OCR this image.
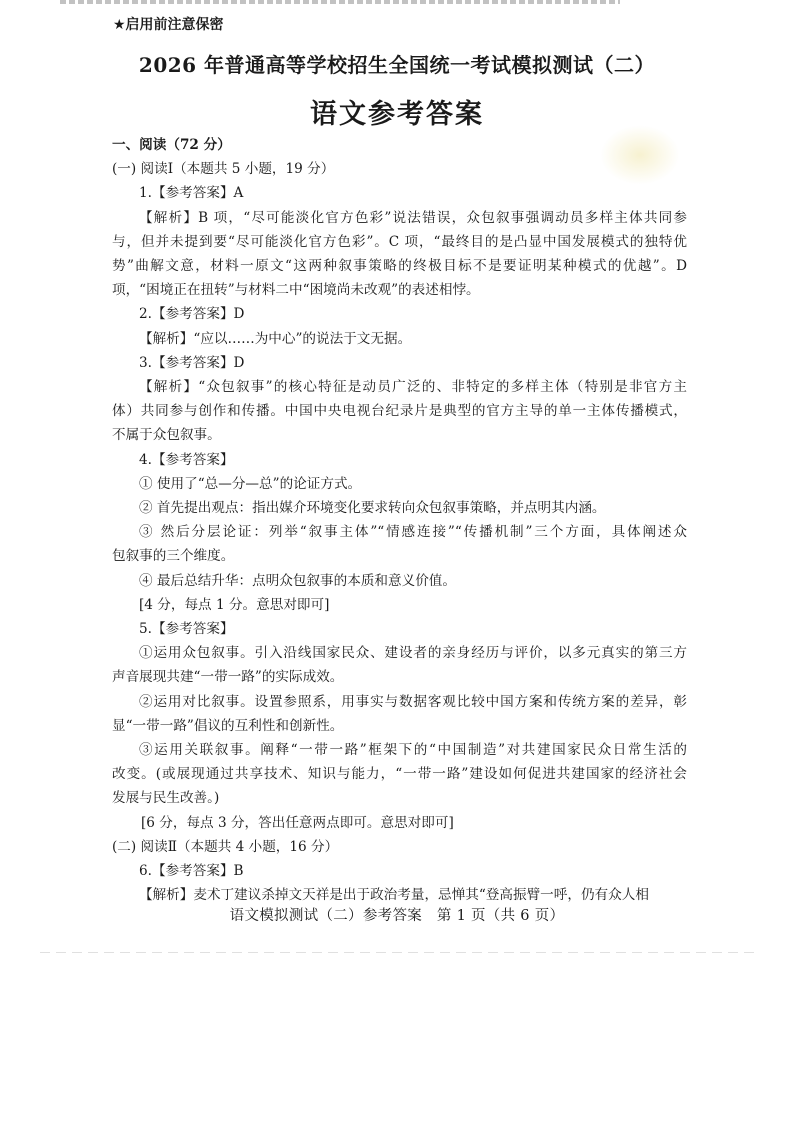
★启用前注意保密
2026 年普通高等学校招生全国统一考试模拟测试（二）
语文参考答案
一、阅读（72 分）
(一) 阅读Ⅰ（本题共 5 小题，19 分）
1.【参考答案】A
【解析】B 项，“尽可能淡化官方色彩”说法错误，众包叙事强调动员多样主体共同参
与，但并未提到要“尽可能淡化官方色彩”。C 项，“最终目的是凸显中国发展模式的独特优
势”曲解文意，材料一原文“这两种叙事策略的终极目标不是要证明某种模式的优越”。D
项，“困境正在扭转”与材料二中“困境尚未改观”的表述相悖。
2.【参考答案】D
【解析】“应以……为中心”的说法于文无据。
3.【参考答案】D
【解析】“众包叙事”的核心特征是动员广泛的、非特定的多样主体（特别是非官方主
体）共同参与创作和传播。中国中央电视台纪录片是典型的官方主导的单一主体传播模式，
不属于众包叙事。
4.【参考答案】
① 使用了“总—分—总”的论证方式。
② 首先提出观点：指出媒介环境变化要求转向众包叙事策略，并点明其内涵。
③ 然后分层论证：列举“叙事主体”“情感连接”“传播机制”三个方面，具体阐述众
包叙事的三个维度。
④ 最后总结升华：点明众包叙事的本质和意义价值。
[4 分，每点 1 分。意思对即可]
5.【参考答案】
①运用众包叙事。引入沿线国家民众、建设者的亲身经历与评价，以多元真实的第三方
声音展现共建“一带一路”的实际成效。
②运用对比叙事。设置参照系，用事实与数据客观比较中国方案和传统方案的差异，彰
显“一带一路”倡议的互利性和创新性。
③运用关联叙事。阐释“一带一路”框架下的“中国制造”对共建国家民众日常生活的
改变。(或展现通过共享技术、知识与能力，“一带一路”建设如何促进共建国家的经济社会
发展与民生改善。)
[6 分，每点 3 分，答出任意两点即可。意思对即可]
(二) 阅读Ⅱ（本题共 4 小题，16 分）
6.【参考答案】B
【解析】麦术丁建议杀掉文天祥是出于政治考量，忌惮其“登高振臂一呼，仍有众人相
语文模拟测试（二）参考答案　第 1 页（共 6 页）
